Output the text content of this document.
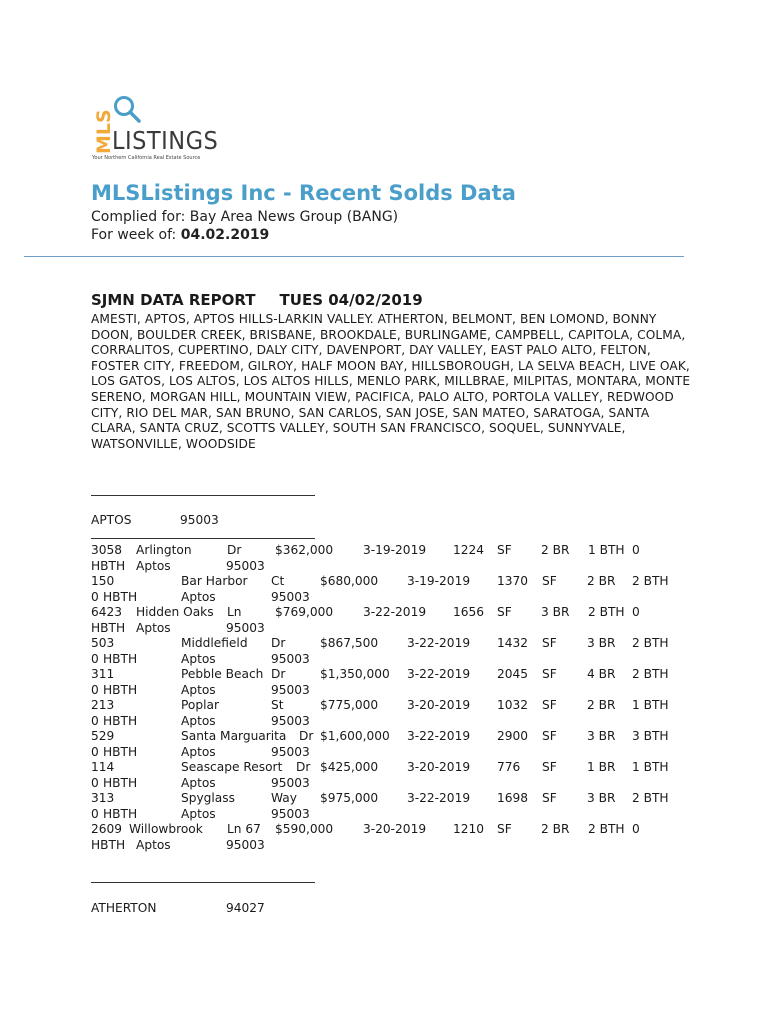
MLS
LISTINGS
Your Northern California Real Estate Source
MLSListings Inc - Recent Solds Data
Complied for: Bay Area News Group (BANG)
For week of: 04.02.2019
SJMN DATA REPORT TUES 04/02/2019
AMESTI, APTOS, APTOS HILLS-LARKIN VALLEY. ATHERTON, BELMONT, BEN LOMOND, BONNY DOON, BOULDER CREEK, BRISBANE, BROOKDALE, BURLINGAME, CAMPBELL, CAPITOLA, COLMA, CORRALITOS, CUPERTINO, DALY CITY, DAVENPORT, DAY VALLEY, EAST PALO ALTO, FELTON, FOSTER CITY, FREEDOM, GILROY, HALF MOON BAY, HILLSBOROUGH, LA SELVA BEACH, LIVE OAK, LOS GATOS, LOS ALTOS, LOS ALTOS HILLS, MENLO PARK, MILLBRAE, MILPITAS, MONTARA, MONTE SERENO, MORGAN HILL, MOUNTAIN VIEW, PACIFICA, PALO ALTO, PORTOLA VALLEY, REDWOOD CITY, RIO DEL MAR, SAN BRUNO, SAN CARLOS, SAN JOSE, SAN MATEO, SARATOGA, SANTA CLARA, SANTA CRUZ, SCOTTS VALLEY, SOUTH SAN FRANCISCO, SOQUEL, SUNNYVALE, WATSONVILLE, WOODSIDE
APTOS	95003
3058 Arlington	Dr	$362,000 3-19-2019 1224 SF 2 BR 1 BTH 0
HBTH Aptos	95003
150	Bar Harbor Ct	$680,000 3-19-2019 1370 SF 2 BR 2 BTH
0 HBTH	Aptos	95003
6423 Hidden Oaks Ln	$769,000 3-22-2019 1656 SF 3 BR 2 BTH 0
HBTH Aptos	95003
503	Middlefield Dr	$867,500 3-22-2019 1432 SF 3 BR 2 BTH
0 HBTH	Aptos	95003
311	Pebble Beach Dr	$1,350,000 3-22-2019 2045 SF 4 BR 2 BTH
0 HBTH	Aptos	95003
213	Poplar	St	$775,000 3-20-2019 1032 SF 2 BR 1 BTH
0 HBTH	Aptos	95003
529	Santa Marguarita Dr $1,600,000 3-22-2019 2900 SF 3 BR 3 BTH
0 HBTH	Aptos	95003
114	Seascape Resort Dr $425,000 3-20-2019 776 SF 1 BR 1 BTH
0 HBTH	Aptos	95003
313	Spyglass	Way $975,000 3-22-2019 1698 SF 3 BR 2 BTH
0 HBTH	Aptos	95003
2609 Willowbrook Ln 67 $590,000 3-20-2019 1210 SF 2 BR 2 BTH 0
HBTH Aptos	95003
ATHERTON	94027
